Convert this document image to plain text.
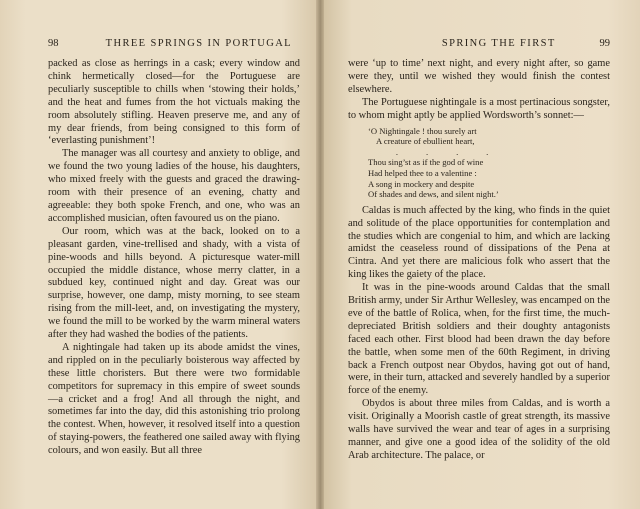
98	THREE SPRINGS IN PORTUGAL

packed as close as herrings in a cask; every window and chink hermetically closed—for the Portuguese are peculiarly susceptible to chills when ‘stowing their holds,’ and the heat and fumes from the hot victuals making the room absolutely stifling. Heaven preserve me, and any of my dear friends, from being consigned to this form of ‘everlasting punishment’!

The manager was all courtesy and anxiety to oblige, and we found the two young ladies of the house, his daughters, who mixed freely with the guests and graced the drawing-room with their presence of an evening, chatty and agreeable: they both spoke French, and one, who was an accomplished musician, often favoured us on the piano.

Our room, which was at the back, looked on to a pleasant garden, vine-trellised and shady, with a vista of pine-woods and hills beyond. A picturesque water-mill occupied the middle distance, whose merry clatter, in a subdued key, continued night and day. Great was our surprise, however, one damp, misty morning, to see steam rising from the mill-leet, and, on investigating the mystery, we found the mill to be worked by the warm mineral waters after they had washed the bodies of the patients.

A nightingale had taken up its abode amidst the vines, and rippled on in the peculiarly boisterous way affected by these little choristers. But there were two formidable competitors for supremacy in this empire of sweet sounds —a cricket and a frog! And all through the night, and sometimes far into the day, did this astonishing trio prolong the contest. When, however, it resolved itself into a question of staying-powers, the feathered one sailed away with flying colours, and won easily. But all three

SPRING THE FIRST	99

were ‘up to time’ next night, and every night after, so game were they, until we wished they would finish the contest elsewhere.

The Portuguese nightingale is a most pertinacious songster, to whom might aptly be applied Wordsworth’s sonnet:—

‘O Nightingale ! thou surely art
A creature of ebullient heart,
.             .             .             .
Thou sing’st as if the god of wine
Had helped thee to a valentine :
A song in mockery and despite
Of shades and dews, and silent night.’

Caldas is much affected by the king, who finds in the quiet and solitude of the place opportunities for contemplation and the studies which are congenial to him, and which are lacking amidst the ceaseless round of dissipations of the Pena at Cintra. And yet there are malicious folk who assert that the king likes the gaiety of the place.

It was in the pine-woods around Caldas that the small British army, under Sir Arthur Wellesley, was encamped on the eve of the battle of Rolica, when, for the first time, the much-depreciated British soldiers and their doughty antagonists faced each other. First blood had been drawn the day before the battle, when some men of the 60th Regiment, in driving back a French outpost near Obydos, having got out of hand, were, in their turn, attacked and severely handled by a superior force of the enemy.

Obydos is about three miles from Caldas, and is worth a visit. Originally a Moorish castle of great strength, its massive walls have survived the wear and tear of ages in a surprising manner, and give one a good idea of the solidity of the old Arab architecture. The palace, or
